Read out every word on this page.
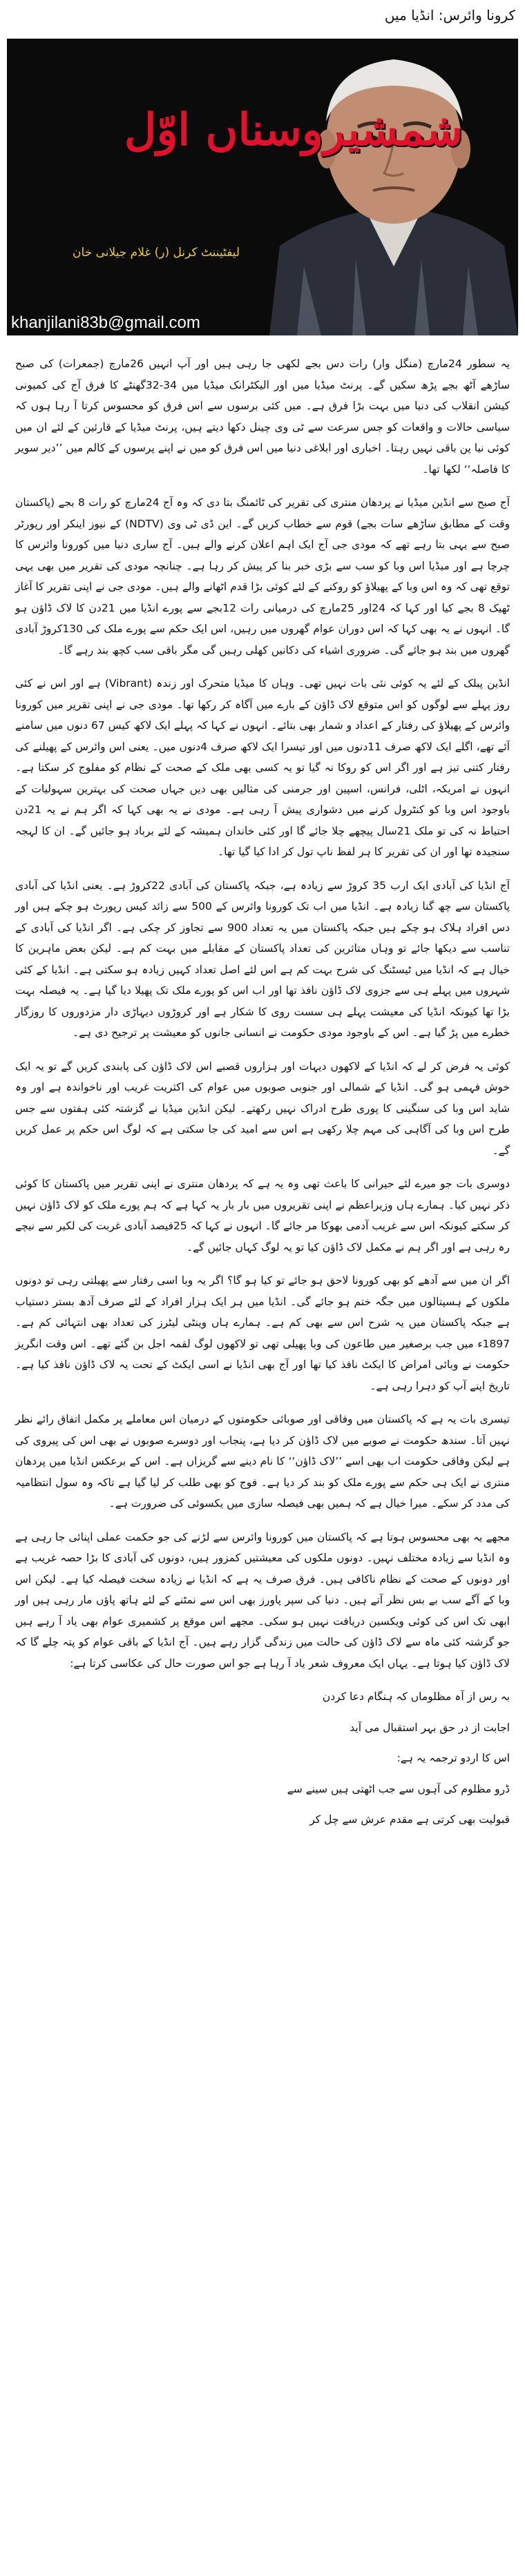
کرونا وائرس: انڈیا میں
شمشیروسناں اوّل
لیفٹیننٹ کرنل (ر) غلام جیلانی خان
khanjilani83b@gmail.com

یہ سطور 24مارچ (منگل وار) رات دس بجے لکھی جا رہی ہیں اور آپ انہیں 26مارچ (جمعرات) کی صبح ساڑھے آٹھ بجے پڑھ سکیں گے۔ پرنٹ میڈیا میں اور الیکٹرانک میڈیا میں 34-32گھنٹے کا فرق آج کی کمیونی کیشن انقلاب کی دنیا میں بہت بڑا فرق ہے۔ میں کئی برسوں سے اس فرق کو محسوس کرتا آ رہا ہوں کہ سیاسی حالات و واقعات کو جس سرعت سے ٹی وی چینل دکھا دیتے ہیں، پرنٹ میڈیا کے قارئین کے لئے ان میں کوئی نیا پن باقی نہیں رہتا۔ اخباری اور ابلاغی دنیا میں اس فرق کو میں نے اپنے پرسوں کے کالم میں ’’دیر سویر کا فاصلہ‘‘ لکھا تھا۔

آج صبح سے انڈین میڈیا نے پردھان منتری کی تقریر کی ٹائمنگ بتا دی کہ وہ آج 24مارچ کو رات 8 بجے (پاکستان وقت کے مطابق ساڑھے سات بجے) قوم سے خطاب کریں گے۔ این ڈی ٹی وی (NDTV) کے نیوز اینکر اور رپورٹر صبح سے یہی بتا رہے تھے کہ مودی جی آج ایک اہم اعلان کرنے والے ہیں۔ آج ساری دنیا میں کورونا وائرس کا چرچا ہے اور میڈیا اس وبا کو سب سے بڑی خبر بنا کر پیش کر رہا ہے۔ چنانچہ مودی کی تقریر میں بھی یہی توقع تھی کہ وہ اس وبا کے پھیلاؤ کو روکنے کے لئے کوئی بڑا قدم اٹھانے والے ہیں۔ مودی جی نے اپنی تقریر کا آغاز ٹھیک 8 بجے کیا اور کہا کہ 24اور 25مارچ کی درمیانی رات 12بجے سے پورے انڈیا میں 21دن کا لاک ڈاؤن ہو گا۔ انہوں نے یہ بھی کہا کہ اس دوران عوام گھروں میں رہیں، اس ایک حکم سے پورے ملک کی 130کروڑ آبادی گھروں میں بند ہو جائے گی۔ ضروری اشیاء کی دکانیں کھلی رہیں گی مگر باقی سب کچھ بند رہے گا۔

انڈین پبلک کے لئے یہ کوئی نئی بات نہیں تھی۔ وہاں کا میڈیا متحرک اور زندہ (Vibrant) ہے اور اس نے کئی روز پہلے سے لوگوں کو اس متوقع لاک ڈاؤن کے بارے میں آگاہ کر رکھا تھا۔ مودی جی نے اپنی تقریر میں کورونا وائرس کے پھیلاؤ کی رفتار کے اعداد و شمار بھی بتائے۔ انہوں نے کہا کہ پہلے ایک لاکھ کیس 67 دنوں میں سامنے آئے تھے، اگلے ایک لاکھ صرف 11دنوں میں اور تیسرا ایک لاکھ صرف 4دنوں میں۔ یعنی اس وائرس کے پھیلنے کی رفتار کتنی تیز ہے اور اگر اس کو روکا نہ گیا تو یہ کسی بھی ملک کے صحت کے نظام کو مفلوج کر سکتا ہے۔ انہوں نے امریکہ، اٹلی، فرانس، اسپین اور جرمنی کی مثالیں بھی دیں جہاں صحت کی بہترین سہولیات کے باوجود اس وبا کو کنٹرول کرنے میں دشواری پیش آ رہی ہے۔ مودی نے یہ بھی کہا کہ اگر ہم نے یہ 21دن احتیاط نہ کی تو ملک 21سال پیچھے چلا جائے گا اور کئی خاندان ہمیشہ کے لئے برباد ہو جائیں گے۔ ان کا لہجہ سنجیدہ تھا اور ان کی تقریر کا ہر لفظ ناپ تول کر ادا کیا گیا تھا۔

آج انڈیا کی آبادی ایک ارب 35 کروڑ سے زیادہ ہے، جبکہ پاکستان کی آبادی 22کروڑ ہے۔ یعنی انڈیا کی آبادی پاکستان سے چھ گنا زیادہ ہے۔ انڈیا میں اب تک کورونا وائرس کے 500 سے زائد کیس رپورٹ ہو چکے ہیں اور دس افراد ہلاک ہو چکے ہیں جبکہ پاکستان میں یہ تعداد 900 سے تجاوز کر چکی ہے۔ اگر انڈیا کی آبادی کے تناسب سے دیکھا جائے تو وہاں متاثرین کی تعداد پاکستان کے مقابلے میں بہت کم ہے۔ لیکن بعض ماہرین کا خیال ہے کہ انڈیا میں ٹیسٹنگ کی شرح بہت کم ہے اس لئے اصل تعداد کہیں زیادہ ہو سکتی ہے۔ انڈیا کے کئی شہروں میں پہلے ہی سے جزوی لاک ڈاؤن نافذ تھا اور اب اس کو پورے ملک تک پھیلا دیا گیا ہے۔ یہ فیصلہ بہت بڑا تھا کیونکہ انڈیا کی معیشت پہلے ہی سست روی کا شکار ہے اور کروڑوں دیہاڑی دار مزدوروں کا روزگار خطرے میں پڑ گیا ہے۔ اس کے باوجود مودی حکومت نے انسانی جانوں کو معیشت پر ترجیح دی ہے۔

کوئی یہ فرض کر لے کہ انڈیا کے لاکھوں دیہات اور ہزاروں قصبے اس لاک ڈاؤن کی پابندی کریں گے تو یہ ایک خوش فہمی ہو گی۔ انڈیا کے شمالی اور جنوبی صوبوں میں عوام کی اکثریت غریب اور ناخواندہ ہے اور وہ شاید اس وبا کی سنگینی کا پوری طرح ادراک نہیں رکھتے۔ لیکن انڈین میڈیا نے گزشتہ کئی ہفتوں سے جس طرح اس وبا کی آگاہی کی مہم چلا رکھی ہے اس سے امید کی جا سکتی ہے کہ لوگ اس حکم پر عمل کریں گے۔

دوسری بات جو میرے لئے حیرانی کا باعث تھی وہ یہ ہے کہ پردھان منتری نے اپنی تقریر میں پاکستان کا کوئی ذکر نہیں کیا۔ ہمارے ہاں وزیراعظم نے اپنی تقریروں میں بار بار یہ کہا ہے کہ ہم پورے ملک کو لاک ڈاؤن نہیں کر سکتے کیونکہ اس سے غریب آدمی بھوکا مر جائے گا۔ انہوں نے کہا کہ 25فیصد آبادی غربت کی لکیر سے نیچے رہ رہی ہے اور اگر ہم نے مکمل لاک ڈاؤن کیا تو یہ لوگ کہاں جائیں گے۔

اگر ان میں سے آدھے کو بھی کورونا لاحق ہو جائے تو کیا ہو گا؟ اگر یہ وبا اسی رفتار سے پھیلتی رہی تو دونوں ملکوں کے ہسپتالوں میں جگہ ختم ہو جائے گی۔ انڈیا میں ہر ایک ہزار افراد کے لئے صرف آدھ بستر دستیاب ہے جبکہ پاکستان میں یہ شرح اس سے بھی کم ہے۔ ہمارے ہاں وینٹی لیٹرز کی تعداد بھی انتہائی کم ہے۔ 1897ء میں جب برصغیر میں طاعون کی وبا پھیلی تھی تو لاکھوں لوگ لقمہ اجل بن گئے تھے۔ اس وقت انگریز حکومت نے وبائی امراض کا ایکٹ نافذ کیا تھا اور آج بھی انڈیا نے اسی ایکٹ کے تحت یہ لاک ڈاؤن نافذ کیا ہے۔ تاریخ اپنے آپ کو دہرا رہی ہے۔

تیسری بات یہ ہے کہ پاکستان میں وفاقی اور صوبائی حکومتوں کے درمیان اس معاملے پر مکمل اتفاق رائے نظر نہیں آتا۔ سندھ حکومت نے صوبے میں لاک ڈاؤن کر دیا ہے، پنجاب اور دوسرے صوبوں نے بھی اس کی پیروی کی ہے لیکن وفاقی حکومت اب بھی اسے ’’لاک ڈاؤن‘‘ کا نام دینے سے گریزاں ہے۔ اس کے برعکس انڈیا میں پردھان منتری نے ایک ہی حکم سے پورے ملک کو بند کر دیا ہے۔ فوج کو بھی طلب کر لیا گیا ہے تاکہ وہ سول انتظامیہ کی مدد کر سکے۔ میرا خیال ہے کہ ہمیں بھی فیصلہ سازی میں یکسوئی کی ضرورت ہے۔

مجھے یہ بھی محسوس ہوتا ہے کہ پاکستان میں کورونا وائرس سے لڑنے کی جو حکمت عملی اپنائی جا رہی ہے وہ انڈیا سے زیادہ مختلف نہیں۔ دونوں ملکوں کی معیشتیں کمزور ہیں، دونوں کی آبادی کا بڑا حصہ غریب ہے اور دونوں کے صحت کے نظام ناکافی ہیں۔ فرق صرف یہ ہے کہ انڈیا نے زیادہ سخت فیصلہ کیا ہے۔ لیکن اس وبا کے آگے سب بے بس نظر آتے ہیں۔ دنیا کی سپر پاورز بھی اس سے نمٹنے کے لئے ہاتھ پاؤں مار رہی ہیں اور ابھی تک اس کی کوئی ویکسین دریافت نہیں ہو سکی۔ مجھے اس موقع پر کشمیری عوام بھی یاد آ رہے ہیں جو گزشتہ کئی ماہ سے لاک ڈاؤن کی حالت میں زندگی گزار رہے ہیں۔ آج انڈیا کے باقی عوام کو پتہ چلے گا کہ لاک ڈاؤن کیا ہوتا ہے۔ یہاں ایک معروف شعر یاد آ رہا ہے جو اس صورت حال کی عکاسی کرتا ہے:

بہ رس از آہ مظلوماں کہ ہنگام دعا کردن
اجابت از در حق بہر استقبال می آید
اس کا اردو ترجمہ یہ ہے:
ڈرو مظلوم کی آہوں سے جب اٹھتی ہیں سینے سے
قبولیت بھی کرتی ہے مقدم عرش سے چل کر
